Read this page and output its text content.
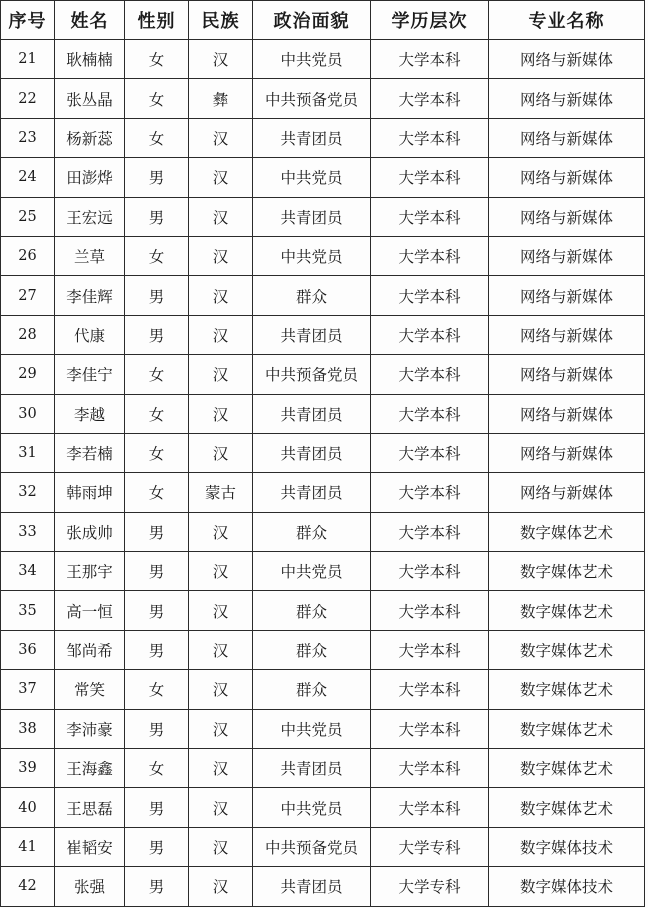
序号	姓名	性别	民族	政治面貌	学历层次	专业名称
21	耿楠楠	女	汉	中共党员	大学本科	网络与新媒体
22	张丛晶	女	彝	中共预备党员	大学本科	网络与新媒体
23	杨新蕊	女	汉	共青团员	大学本科	网络与新媒体
24	田澎烨	男	汉	中共党员	大学本科	网络与新媒体
25	王宏远	男	汉	共青团员	大学本科	网络与新媒体
26	兰草	女	汉	中共党员	大学本科	网络与新媒体
27	李佳辉	男	汉	群众	大学本科	网络与新媒体
28	代康	男	汉	共青团员	大学本科	网络与新媒体
29	李佳宁	女	汉	中共预备党员	大学本科	网络与新媒体
30	李越	女	汉	共青团员	大学本科	网络与新媒体
31	李若楠	女	汉	共青团员	大学本科	网络与新媒体
32	韩雨坤	女	蒙古	共青团员	大学本科	网络与新媒体
33	张成帅	男	汉	群众	大学本科	数字媒体艺术
34	王那宇	男	汉	中共党员	大学本科	数字媒体艺术
35	高一恒	男	汉	群众	大学本科	数字媒体艺术
36	邹尚希	男	汉	群众	大学本科	数字媒体艺术
37	常笑	女	汉	群众	大学本科	数字媒体艺术
38	李沛豪	男	汉	中共党员	大学本科	数字媒体艺术
39	王海鑫	女	汉	共青团员	大学本科	数字媒体艺术
40	王思磊	男	汉	中共党员	大学本科	数字媒体艺术
41	崔韬安	男	汉	中共预备党员	大学专科	数字媒体技术
42	张强	男	汉	共青团员	大学专科	数字媒体技术
